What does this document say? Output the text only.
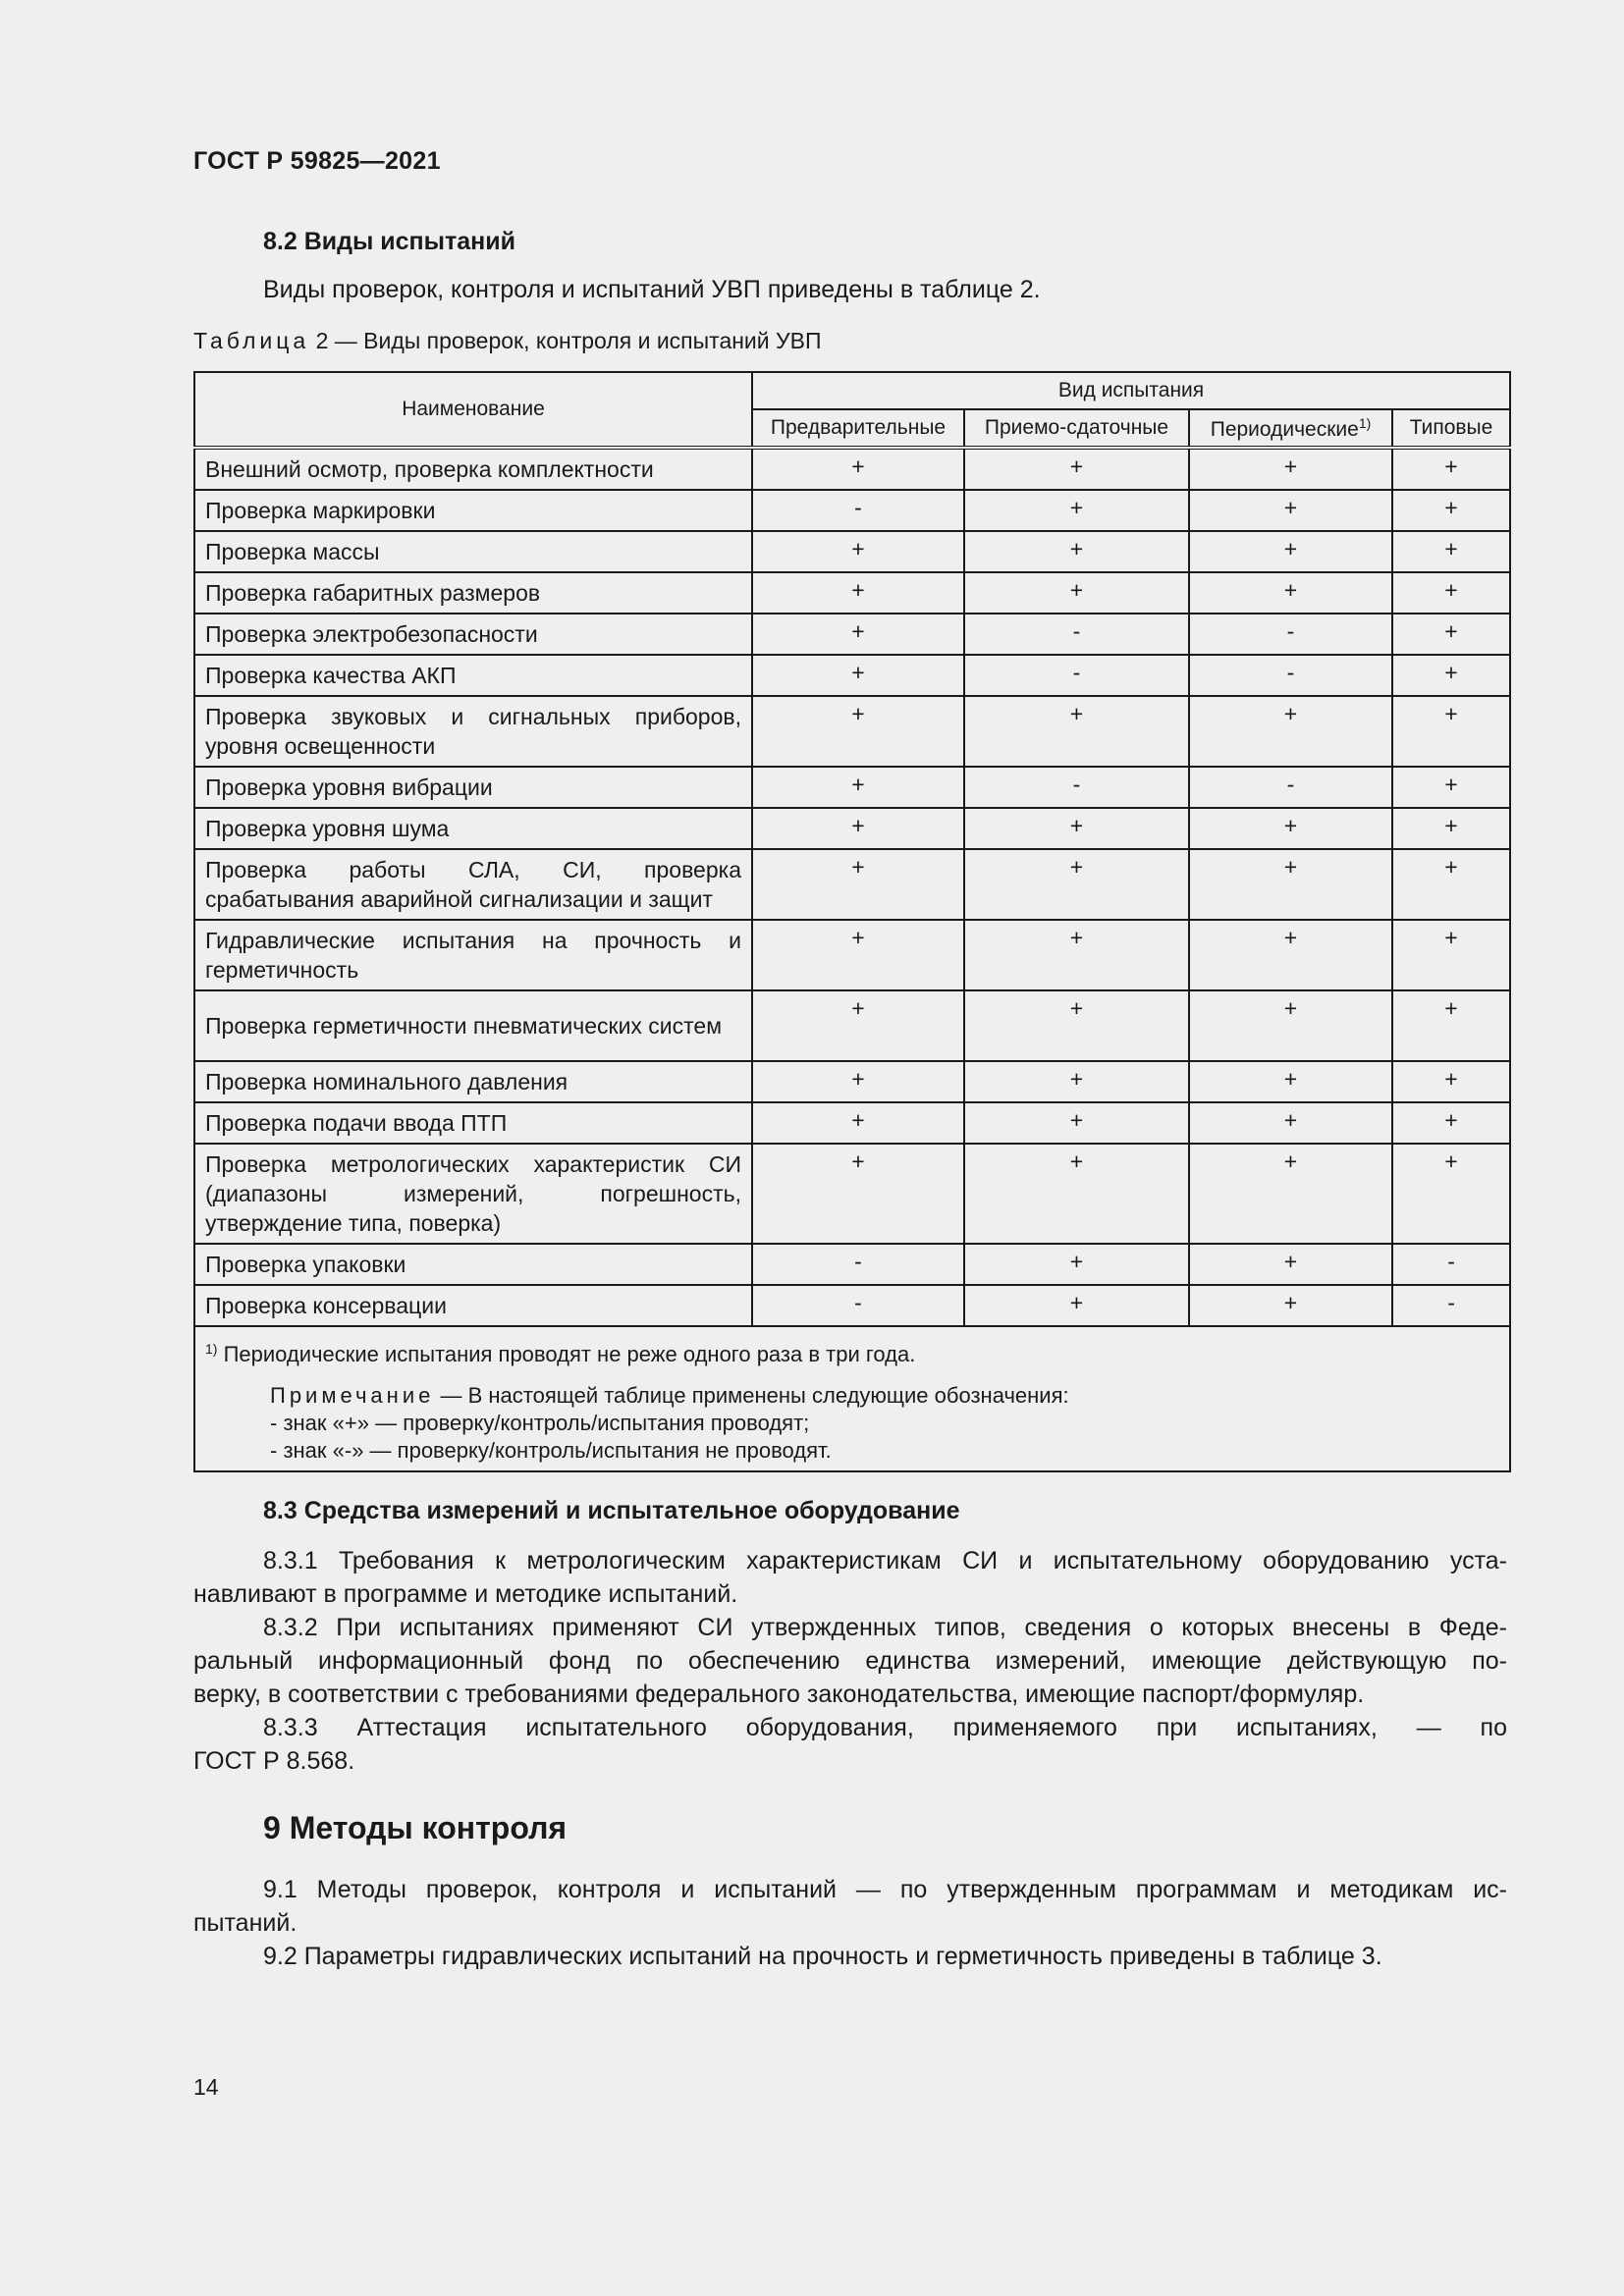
ГОСТ Р 59825—2021
8.2 Виды испытаний
Виды проверок, контроля и испытаний УВП приведены в таблице 2.
Таблица 2 — Виды проверок, контроля и испытаний УВП
Наименование	Вид испытания			
	Предварительные	Приемо-сдаточные	Периодические$^{1)}$	Типовые
Внешний осмотр, проверка комплектности	+	+	+	+
Проверка маркировки	-	+	+	+
Проверка массы	+	+	+	+
Проверка габаритных размеров	+	+	+	+
Проверка электробезопасности	+	-	-	+
Проверка качества АКП	+	-	-	+
Проверка звуковых и сигнальных приборов, уровня освещенности	+	+	+	+
Проверка уровня вибрации	+	-	-	+
Проверка уровня шума	+	+	+	+
Проверка работы СЛА, СИ, проверка срабатывания аварийной сигнализации и защит	+	+	+	+
Гидравлические испытания на прочность и герметичность	+	+	+	+
Проверка герметичности пневматических систем	+	+	+	+
Проверка номинального давления	+	+	+	+
Проверка подачи ввода ПТП	+	+	+	+
Проверка метрологических характеристик СИ (диапазоны измерений, погрешность, утверждение типа, поверка)	+	+	+	+
Проверка упаковки	-	+	+	-
Проверка консервации	-	+	+	-

$^{1)}$ Периодические испытания проводят не реже одного раза в три года.
Примечание — В настоящей таблице применены следующие обозначения:
- знак «+» — проверку/контроль/испытания проводят;
- знак «-» — проверку/контроль/испытания не проводят.				
8.3 Средства измерений и испытательное оборудование
8.3.1 Требования к метрологическим характеристикам СИ и испытательному оборудованию уста-
навливают в программе и методике испытаний.
8.3.2 При испытаниях применяют СИ утвержденных типов, сведения о которых внесены в Феде-
ральный информационный фонд по обеспечению единства измерений, имеющие действующую по-
верку, в соответствии с требованиями федерального законодательства, имеющие паспорт/формуляр.
8.3.3 Аттестация испытательного оборудования, применяемого при испытаниях, — по
ГОСТ Р 8.568.
9 Методы контроля
9.1 Методы проверок, контроля и испытаний — по утвержденным программам и методикам ис-
пытаний.
9.2 Параметры гидравлических испытаний на прочность и герметичность приведены в таблице 3.
14
